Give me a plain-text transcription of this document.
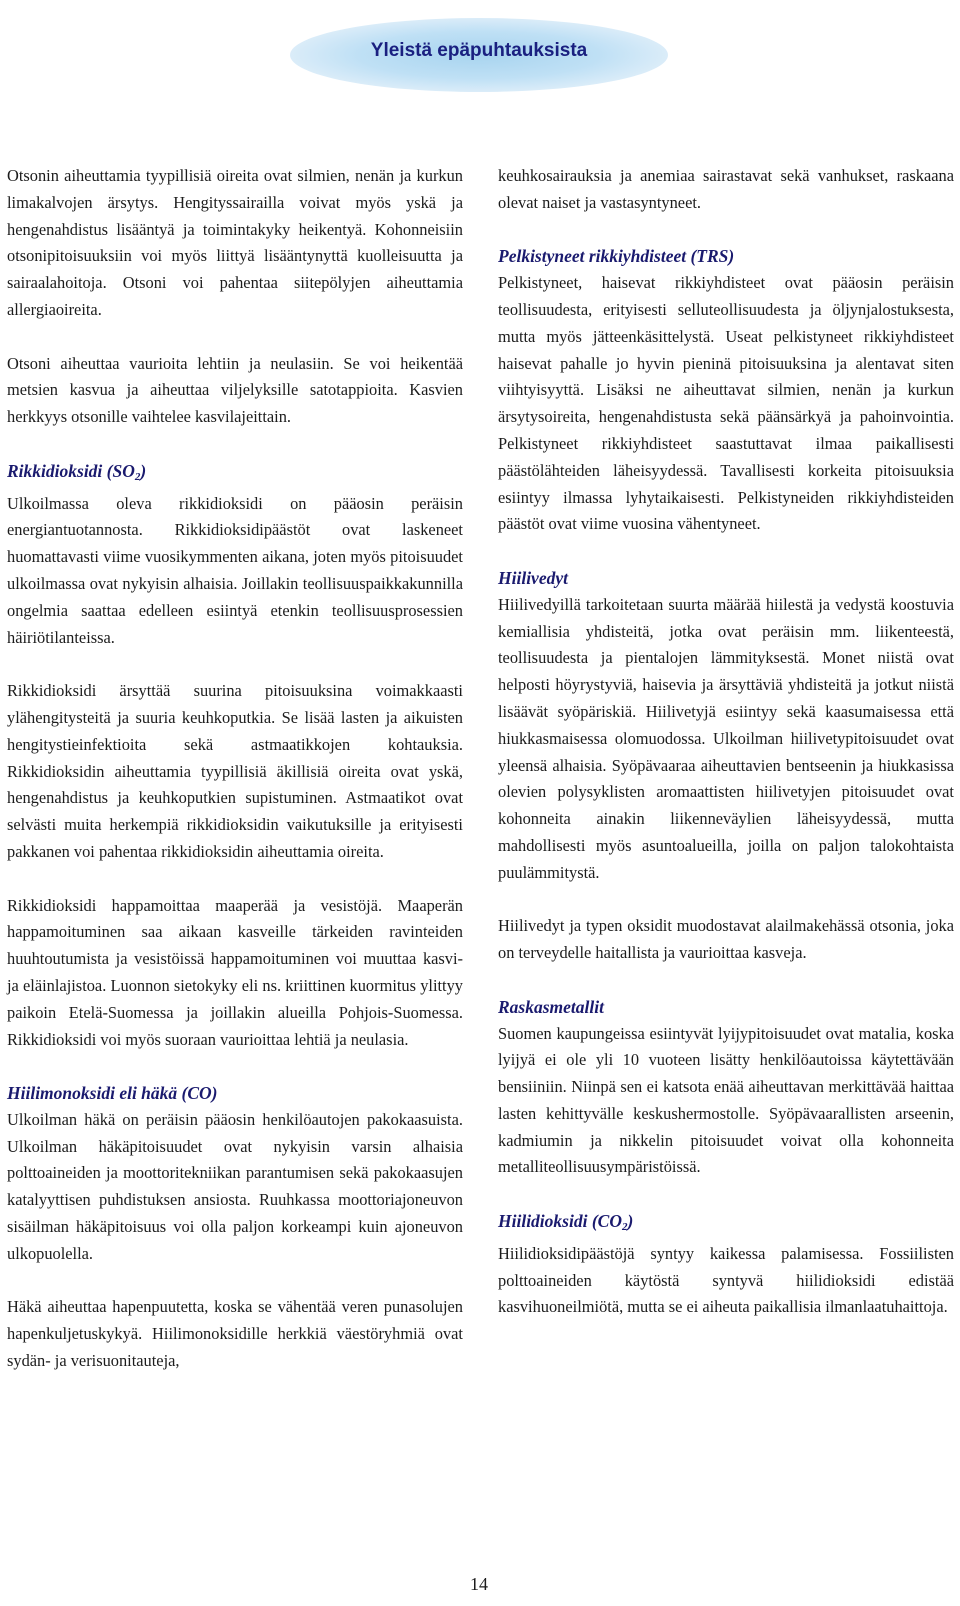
Yleistä epäpuhtauksista

Otsonin aiheuttamia tyypillisiä oireita ovat silmien, nenän ja kurkun limakalvojen ärsytys. Hengityssairailla voivat myös yskä ja hengenahdistus lisääntyä ja toimintakyky heikentyä. Kohonneisiin otsonipitoisuuksiin voi myös liittyä lisääntynyttä kuolleisuutta ja sairaalahoitoja. Otsoni voi pahentaa siitepölyjen aiheuttamia allergiaoireita.

Otsoni aiheuttaa vaurioita lehtiin ja neulasiin. Se voi heikentää metsien kasvua ja aiheuttaa viljelyksille satotappioita. Kasvien herkkyys otsonille vaihtelee kasvilajeittain.

Rikkidioksidi $(SO_2)$

Ulkoilmassa oleva rikkidioksidi on pääosin peräisin energiantuotannosta. Rikkidioksidipäästöt ovat laskeneet huomattavasti viime vuosikymmenten aikana, joten myös pitoisuudet ulkoilmassa ovat nykyisin alhaisia. Joillakin teollisuuspaikkakunnilla ongelmia saattaa edelleen esiintyä etenkin teollisuusprosessien häiriötilanteissa.

Rikkidioksidi ärsyttää suurina pitoisuuksina voimakkaasti ylähengitysteitä ja suuria keuhkoputkia. Se lisää lasten ja aikuisten hengitystieinfektioita sekä astmaatikkojen kohtauksia. Rikkidioksidin aiheuttamia tyypillisiä äkillisiä oireita ovat yskä, hengenahdistus ja keuhkoputkien supistuminen. Astmaatikot ovat selvästi muita herkempiä rikkidioksidin vaikutuksille ja erityisesti pakkanen voi pahentaa rikkidioksidin aiheuttamia oireita.

Rikkidioksidi happamoittaa maaperää ja vesistöjä. Maaperän happamoituminen saa aikaan kasveille tärkeiden ravinteiden huuhtoutumista ja vesistöissä happamoituminen voi muuttaa kasvi- ja eläinlajistoa. Luonnon sietokyky eli ns. kriittinen kuormitus ylittyy paikoin Etelä-Suomessa ja joillakin alueilla Pohjois-Suomessa. Rikkidioksidi voi myös suoraan vaurioittaa lehtiä ja neulasia.

Hiilimonoksidi eli häkä (CO)

Ulkoilman häkä on peräisin pääosin henkilöautojen pakokaasuista. Ulkoilman häkäpitoisuudet ovat nykyisin varsin alhaisia polttoaineiden ja moottoritekniikan parantumisen sekä pakokaasujen katalyyttisen puhdistuksen ansiosta. Ruuhkassa moottoriajoneuvon sisäilman häkäpitoisuus voi olla paljon korkeampi kuin ajoneuvon ulkopuolella.

Häkä aiheuttaa hapenpuutetta, koska se vähentää veren punasolujen hapenkuljetuskykyä. Hiilimonoksidille herkkiä väestöryhmiä ovat sydän- ja verisuonitauteja,

keuhkosairauksia ja anemiaa sairastavat sekä vanhukset, raskaana olevat naiset ja vastasyntyneet.

Pelkistyneet rikkiyhdisteet (TRS)

Pelkistyneet, haisevat rikkiyhdisteet ovat pääosin peräisin teollisuudesta, erityisesti selluteollisuudesta ja öljynjalostuksesta, mutta myös jätteenkäsittelystä. Useat pelkistyneet rikkiyhdisteet haisevat pahalle jo hyvin pieninä pitoisuuksina ja alentavat siten viihtyisyyttä. Lisäksi ne aiheuttavat silmien, nenän ja kurkun ärsytysoireita, hengenahdistusta sekä päänsärkyä ja pahoinvointia. Pelkistyneet rikkiyhdisteet saastuttavat ilmaa paikallisesti päästölähteiden läheisyydessä. Tavallisesti korkeita pitoisuuksia esiintyy ilmassa lyhytaikaisesti. Pelkistyneiden rikkiyhdisteiden päästöt ovat viime vuosina vähentyneet.

Hiilivedyt

Hiilivedyillä tarkoitetaan suurta määrää hiilestä ja vedystä koostuvia kemiallisia yhdisteitä, jotka ovat peräisin mm. liikenteestä, teollisuudesta ja pientalojen lämmityksestä. Monet niistä ovat helposti höyrystyviä, haisevia ja ärsyttäviä yhdisteitä ja jotkut niistä lisäävät syöpäriskiä. Hiilivetyjä esiintyy sekä kaasumaisessa että hiukkasmaisessa olomuodossa. Ulkoilman hiilivetypitoisuudet ovat yleensä alhaisia. Syöpävaaraa aiheuttavien bentseenin ja hiukkasissa olevien polysyklisten aromaattisten hiilivetyjen pitoisuudet ovat kohonneita ainakin liikenneväylien läheisyydessä, mutta mahdollisesti myös asuntoalueilla, joilla on paljon talokohtaista puulämmitystä.

Hiilivedyt ja typen oksidit muodostavat alailmakehässä otsonia, joka on terveydelle haitallista ja vaurioittaa kasveja.

Raskasmetallit

Suomen kaupungeissa esiintyvät lyijypitoisuudet ovat matalia, koska lyijyä ei ole yli 10 vuoteen lisätty henkilöautoissa käytettävään bensiiniin. Niinpä sen ei katsota enää aiheuttavan merkittävää haittaa lasten kehittyvälle keskushermostolle. Syöpävaarallisten arseenin, kadmiumin ja nikkelin pitoisuudet voivat olla kohonneita metalliteollisuusympäristöissä.

Hiilidioksidi $(CO_2)$

Hiilidioksidipäästöjä syntyy kaikessa palamisessa. Fossiilisten polttoaineiden käytöstä syntyvä hiilidioksidi edistää kasvihuoneilmiötä, mutta se ei aiheuta paikallisia ilmanlaatuhaittoja.

14
